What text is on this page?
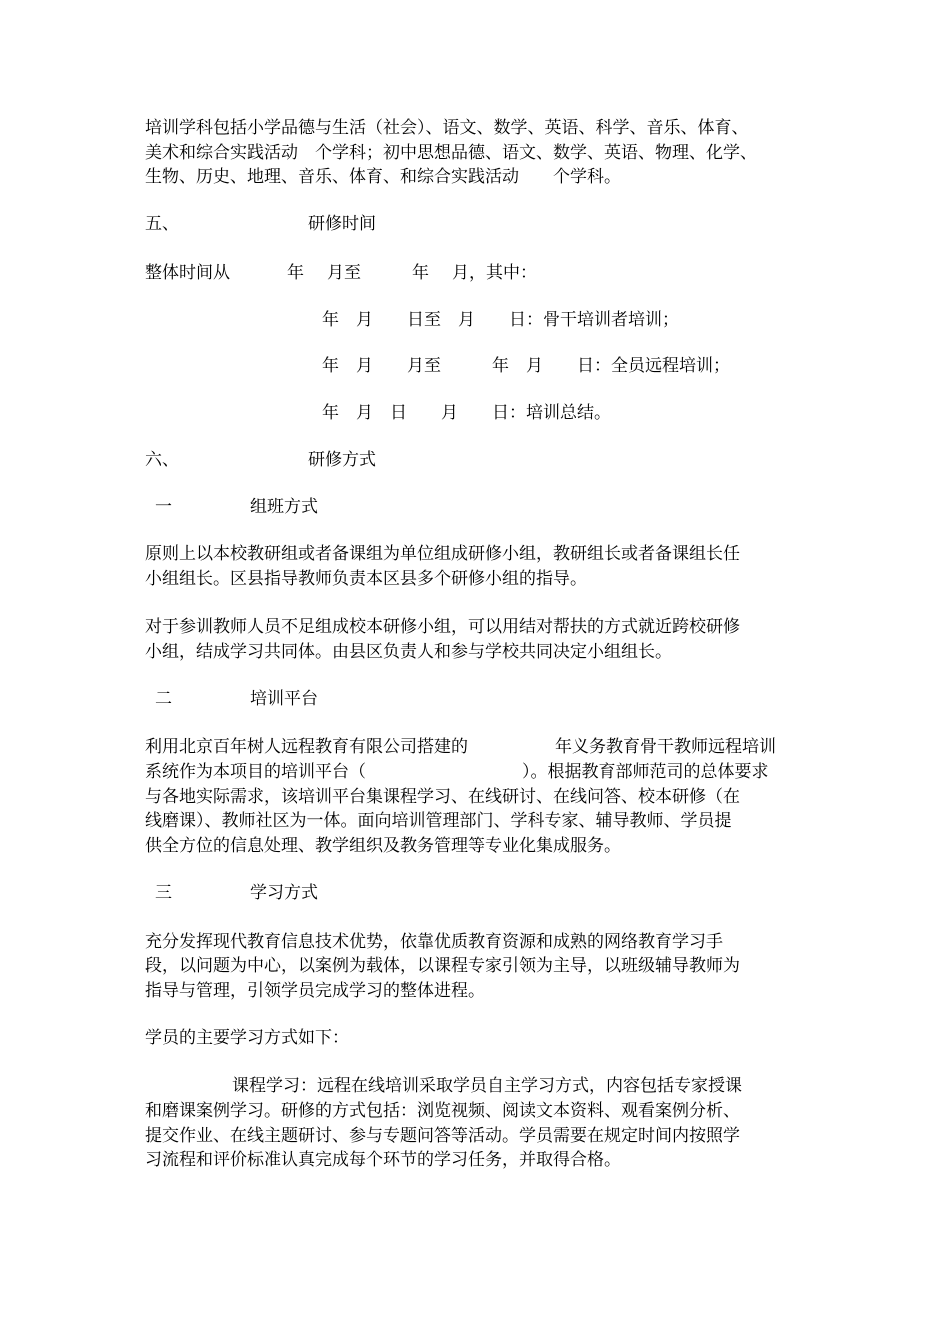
培训学科包括小学品德与生活（社会）、语文、数学、英语、科学、音乐、体育、
美术和综合实践活动　个学科；初中思想品德、语文、数学、英语、物理、化学、
生物、历史、地理、音乐、体育、和综合实践活动　　个学科。
五、	研修时间
整体时间从	年 月至	年 月，其中：
年　月　　日至　月　　日：骨干培训者培训；
年　月　　月至　　　年　月　　日：全员远程培训；
年　月　日　　月　　日：培训总结。
六、	研修方式
一	组班方式
原则上以本校教研组或者备课组为单位组成研修小组，教研组长或者备课组长任
小组组长。区县指导教师负责本区县多个研修小组的指导。
对于参训教师人员不足组成校本研修小组，可以用结对帮扶的方式就近跨校研修
小组，结成学习共同体。由县区负责人和参与学校共同决定小组组长。
二	培训平台
利用北京百年树人远程教育有限公司搭建的	年义务教育骨干教师远程培训
系统作为本项目的培训平台（	）。根据教育部师范司的总体要求
与各地实际需求，该培训平台集课程学习、在线研讨、在线问答、校本研修（在
线磨课）、教师社区为一体。面向培训管理部门、学科专家、辅导教师、学员提
供全方位的信息处理、教学组织及教务管理等专业化集成服务。
三	学习方式
充分发挥现代教育信息技术优势，依靠优质教育资源和成熟的网络教育学习手
段，以问题为中心，以案例为载体，以课程专家引领为主导，以班级辅导教师为
指导与管理，引领学员完成学习的整体进程。
学员的主要学习方式如下：
课程学习：远程在线培训采取学员自主学习方式，内容包括专家授课
和磨课案例学习。研修的方式包括：浏览视频、阅读文本资料、观看案例分析、
提交作业、在线主题研讨、参与专题问答等活动。学员需要在规定时间内按照学
习流程和评价标准认真完成每个环节的学习任务，并取得合格。
